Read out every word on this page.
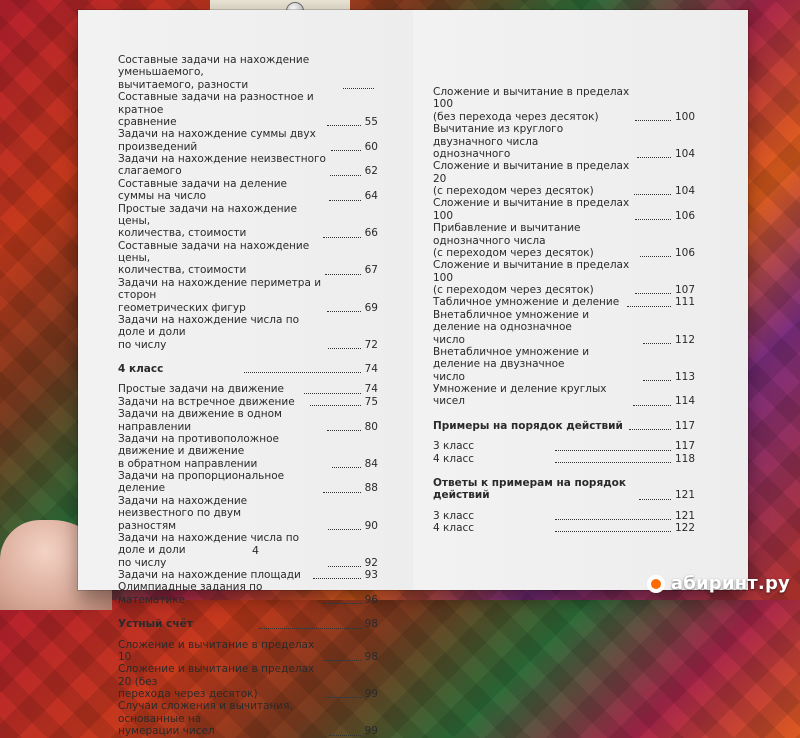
Составные задачи на нахождение уменьшаемого,
вычитаемого, разности
Составные задачи на разностное и кратное
сравнение	55
Задачи на нахождение суммы двух произведений	60
Задачи на нахождение неизвестного слагаемого	62
Составные задачи на деление суммы на число	64
Простые задачи на нахождение цены,
количества, стоимости	66
Составные задачи на нахождение цены,
количества, стоимости	67
Задачи на нахождение периметра и сторон
геометрических фигур	69
Задачи на нахождение числа по доле и доли
по числу	72
4 класс	74
Простые задачи на движение	74
Задачи на встречное движение	75
Задачи на движение в одном направлении	80
Задачи на противоположное движение и движение
в обратном направлении	84
Задачи на пропорциональное деление	88
Задачи на нахождение неизвестного по двум
разностям	90
Задачи на нахождение числа по доле и доли
по числу	92
Задачи на нахождение площади	93
Олимпиадные задания по математике	96
Устный счёт	98
Сложение и вычитание в пределах 10	98
Сложение и вычитание в пределах 20 (без
перехода через десяток)	99
Случаи сложения и вычитания, основанные на
нумерации чисел	99
4
Сложение и вычитание в пределах 100
(без перехода через десяток)	100
Вычитание из круглого двузначного числа
однозначного	104
Сложение и вычитание в пределах 20
(с переходом через десяток)	104
Сложение и вычитание в пределах 100	106
Прибавление и вычитание однозначного числа
(с переходом через десяток)	106
Сложение и вычитание в пределах 100
(с переходом через десяток)	107
Табличное умножение и деление	111
Внетабличное умножение и деление на однозначное
число	112
Внетабличное умножение и деление на двузначное
число	113
Умножение и деление круглых чисел	114
Примеры на порядок действий	117
3 класс	117
4 класс	118
Ответы к примерам на порядок действий	121
3 класс	121
4 класс	122
абиринт.ру
